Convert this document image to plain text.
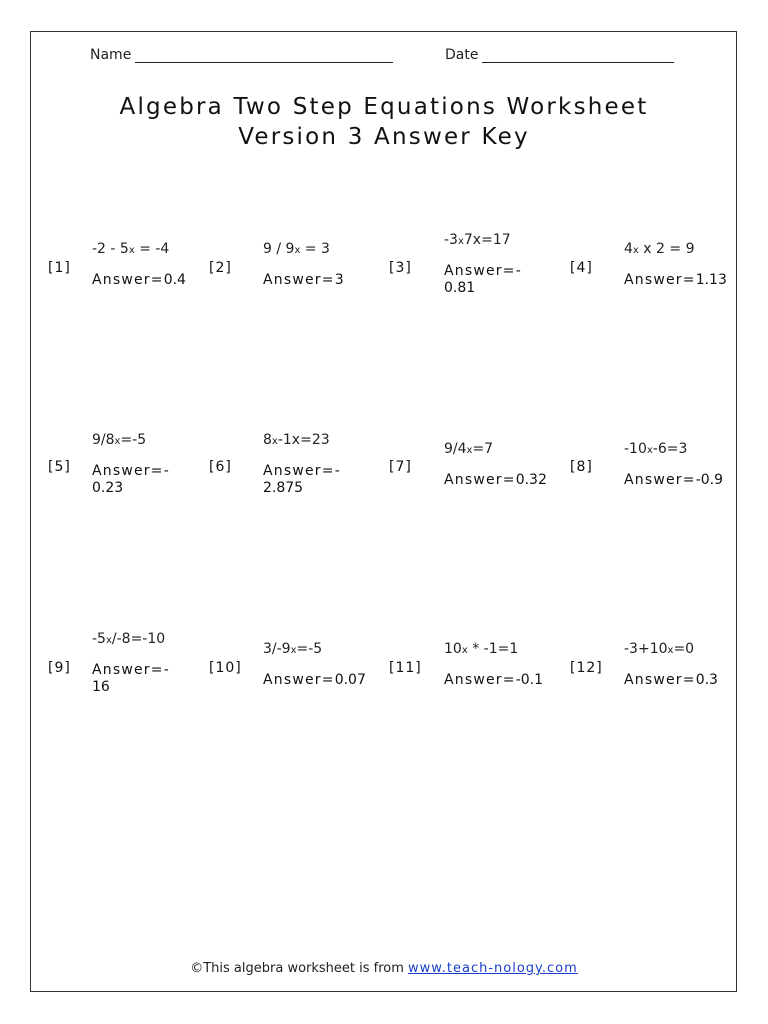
Name	Date
Algebra Two Step Equations Worksheet
Version 3 Answer Key
[1]
-2 - 5x = -4
Answer=0.4
[2]
9 / 9x = 3
Answer=3
[3]
-3x7x=17
Answer=-
0.81
[4]
4x x 2 = 9
Answer=1.13
[5]
9/8x=-5
Answer=-
0.23
[6]
8x-1x=23
Answer=-
2.875
[7]
9/4x=7
Answer=0.32
[8]
-10x-6=3
Answer=-0.9
[9]
-5x/-8=-10
Answer=-
16
[10]
3/-9x=-5
Answer=0.07
[11]
10x * -1=1
Answer=-0.1
[12]
-3+10x=0
Answer=0.3
©This algebra worksheet is from www.teach-nology.com
